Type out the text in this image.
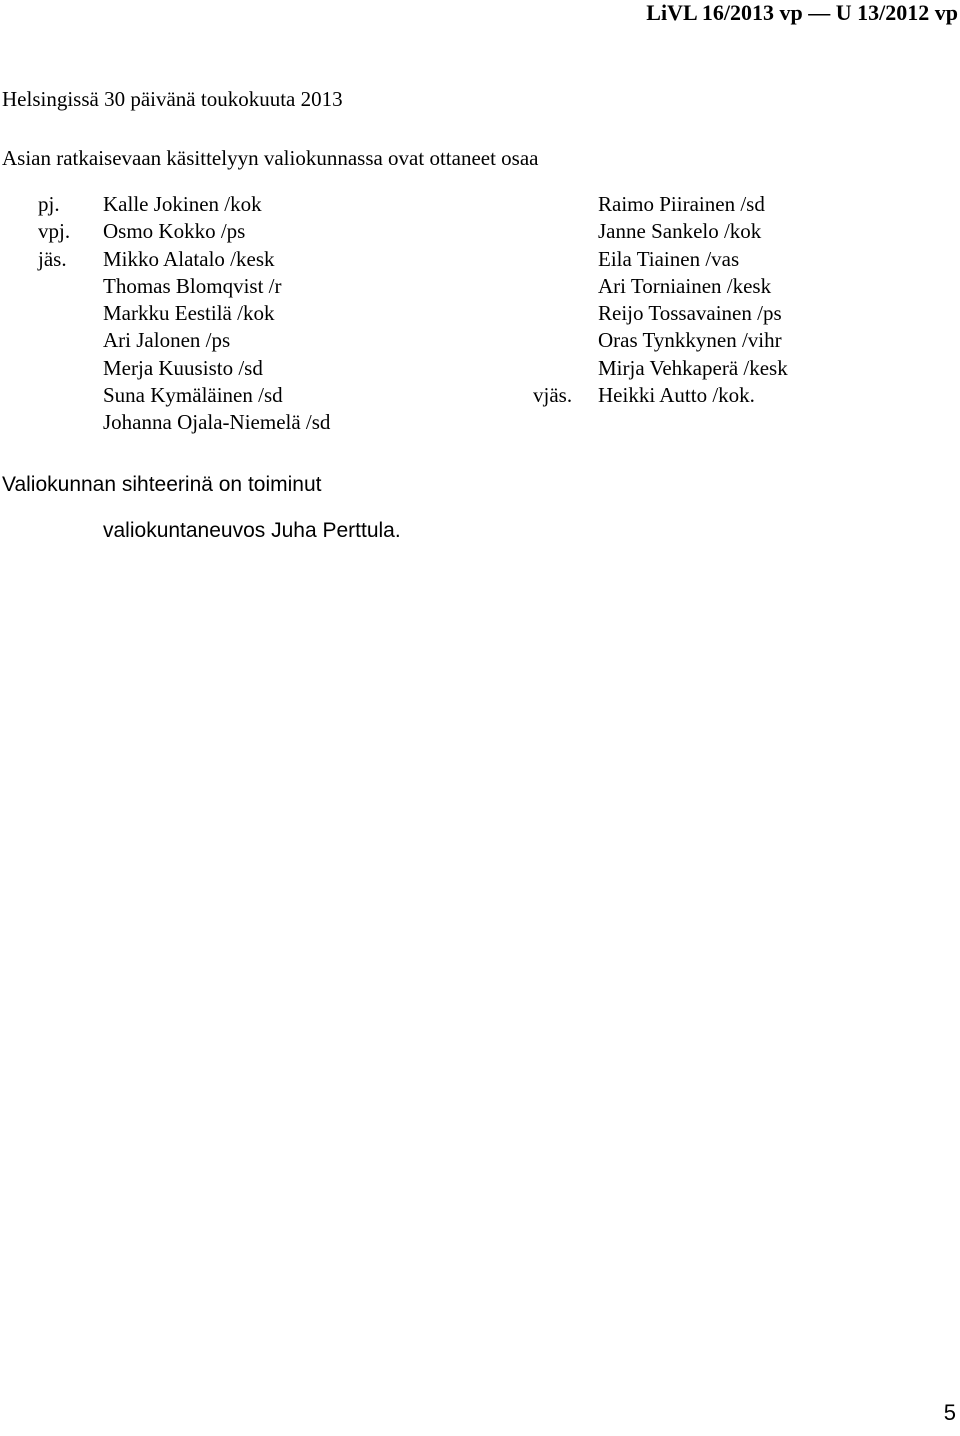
LiVL 16/2013 vp — U 13/2012 vp
Helsingissä 30 päivänä toukokuuta 2013
Asian ratkaisevaan käsittelyyn valiokunnassa ovat ottaneet osaa
pj. Kalle Jokinen /kok	Raimo Piirainen /sd
vpj. Osmo Kokko /ps	Janne Sankelo /kok
jäs. Mikko Alatalo /kesk	Eila Tiainen /vas
Thomas Blomqvist /r	Ari Torniainen /kesk
Markku Eestilä /kok	Reijo Tossavainen /ps
Ari Jalonen /ps	Oras Tynkkynen /vihr
Merja Kuusisto /sd	Mirja Vehkaperä /kesk
Suna Kymäläinen /sd	vjäs. Heikki Autto /kok.
Johanna Ojala-Niemelä /sd
Valiokunnan sihteerinä on toiminut
valiokuntaneuvos Juha Perttula.
5
